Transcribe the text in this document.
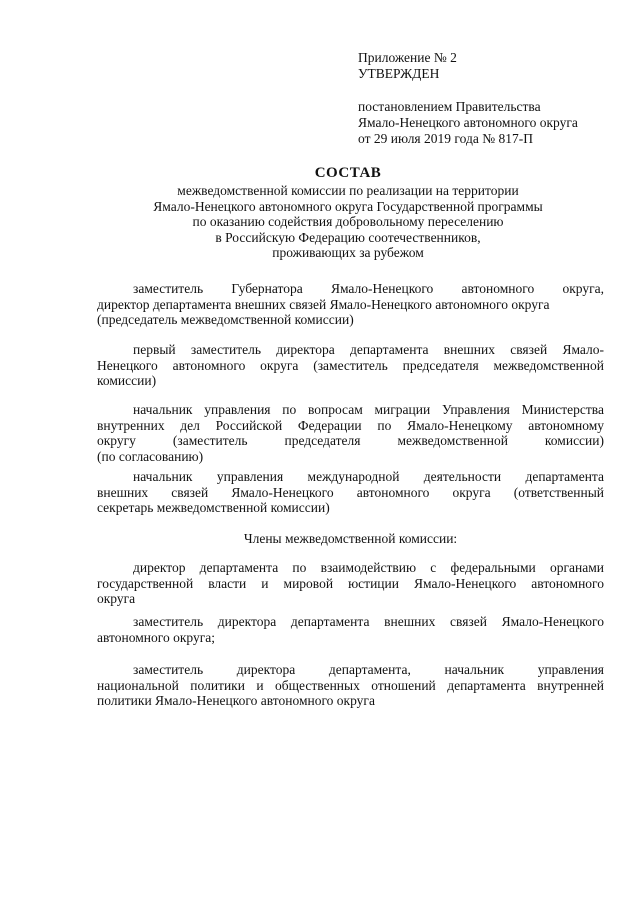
Приложение № 2
УТВЕРЖДЕН
постановлением Правительства
Ямало-Ненецкого автономного округа
от 29 июля 2019 года № 817-П
СОСТАВ
межведомственной комиссии по реализации на территории
Ямало-Ненецкого автономного округа Государственной программы
по оказанию содействия добровольному переселению
в Российскую Федерацию соотечественников,
проживающих за рубежом
заместитель Губернатора Ямало-Ненецкого автономного округа,
директор департамента внешних связей Ямало-Ненецкого автономного округа
(председатель межведомственной комиссии)
первый заместитель директора департамента внешних связей Ямало-
Ненецкого автономного округа (заместитель председателя межведомственной
комиссии)
начальник управления по вопросам миграции Управления Министерства
внутренних дел Российской Федерации по Ямало-Ненецкому автономному
округу (заместитель председателя межведомственной комиссии)
(по согласованию)
начальник управления международной деятельности департамента
внешних связей Ямало-Ненецкого автономного округа (ответственный
секретарь межведомственной комиссии)
Члены межведомственной комиссии:
директор департамента по взаимодействию с федеральными органами
государственной власти и мировой юстиции Ямало-Ненецкого автономного
округа
заместитель директора департамента внешних связей Ямало-Ненецкого
автономного округа;
заместитель директора департамента, начальник управления
национальной политики и общественных отношений департамента внутренней
политики Ямало-Ненецкого автономного округа
